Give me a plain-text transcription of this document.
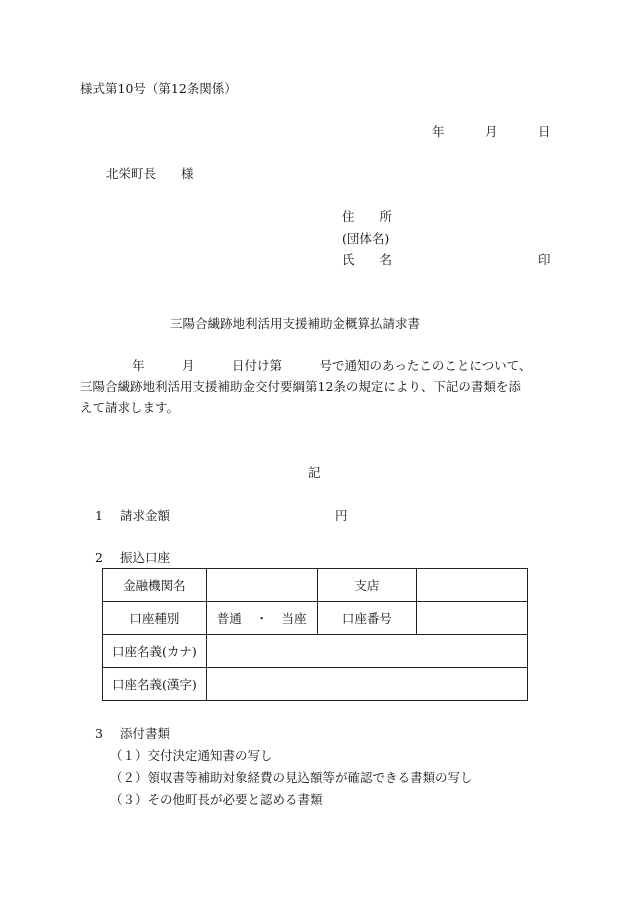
様式第10号（第12条関係）
年	月	日
北栄町長　　様
住　　所
(団体名)
氏　　名	印
三陽合繊跡地利活用支援補助金概算払請求書
年　　　月　　　日付け第　　　号で通知のあったこのことについて、
三陽合繊跡地利活用支援補助金交付要綱第12条の規定により、下記の書類を添
えて請求します。
記
1 請求金額	円
2 振込口座
金融機関名		支店	
口座種別	普通 ・ 当座	口座番号	
口座名義(カナ)			
口座名義(漢字)			
3 添付書類
（１）交付決定通知書の写し
（２）領収書等補助対象経費の見込額等が確認できる書類の写し
（３）その他町長が必要と認める書類
